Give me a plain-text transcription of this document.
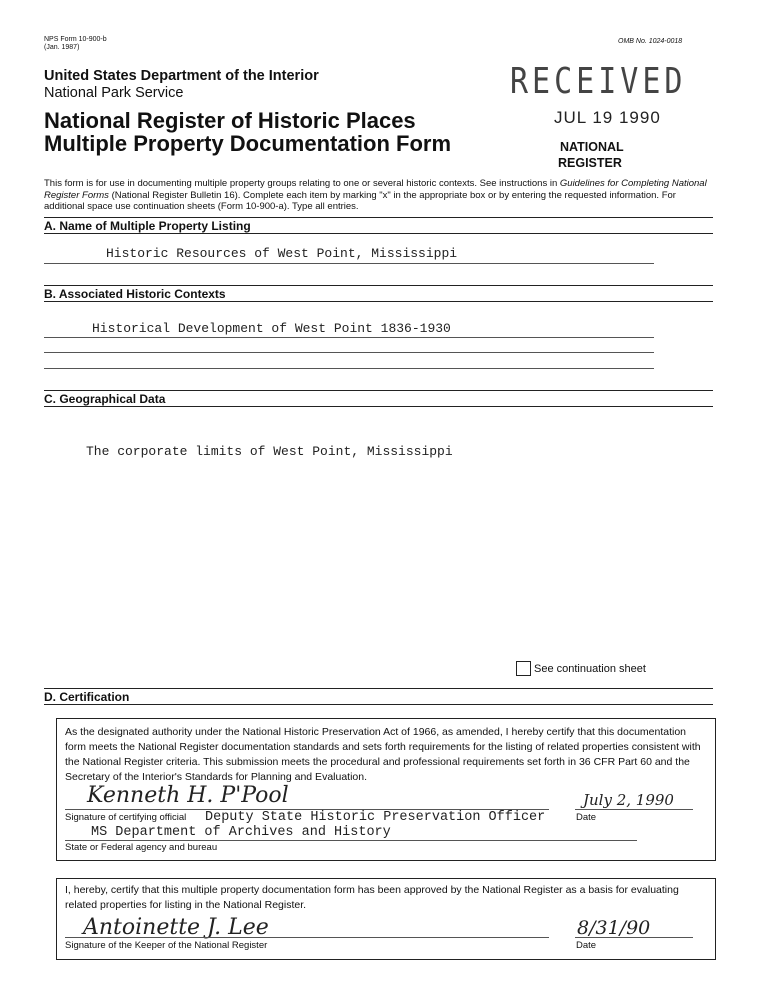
NPS Form 10-900-b
(Jan. 1987)
OMB No. 1024-0018
United States Department of the Interior
National Park Service
National Register of Historic Places
Multiple Property Documentation Form
RECEIVED
JUL 19 1990
NATIONAL
REGISTER
This form is for use in documenting multiple property groups relating to one or several historic contexts. See instructions in Guidelines for Completing National Register Forms (National Register Bulletin 16). Complete each item by marking "x" in the appropriate box or by entering the requested information. For additional space use continuation sheets (Form 10-900-a). Type all entries.
A. Name of Multiple Property Listing
Historic Resources of West Point, Mississippi
B. Associated Historic Contexts
Historical Development of West Point 1836-1930
C. Geographical Data
The corporate limits of West Point, Mississippi
See continuation sheet
D. Certification
As the designated authority under the National Historic Preservation Act of 1966, as amended, I hereby certify that this documentation form meets the National Register documentation standards and sets forth requirements for the listing of related properties consistent with the National Register criteria. This submission meets the procedural and professional requirements set forth in 36 CFR Part 60 and the Secretary of the Interior's Standards for Planning and Evaluation.
Kenneth H. P'Pool	July 2, 1990
Signature of certifying official Deputy State Historic Preservation Officer	Date
MS Department of Archives and History
State or Federal agency and bureau
I, hereby, certify that this multiple property documentation form has been approved by the National Register as a basis for evaluating related properties for listing in the National Register.
Antoinette J. Lee	8/31/90
Signature of the Keeper of the National Register	Date
